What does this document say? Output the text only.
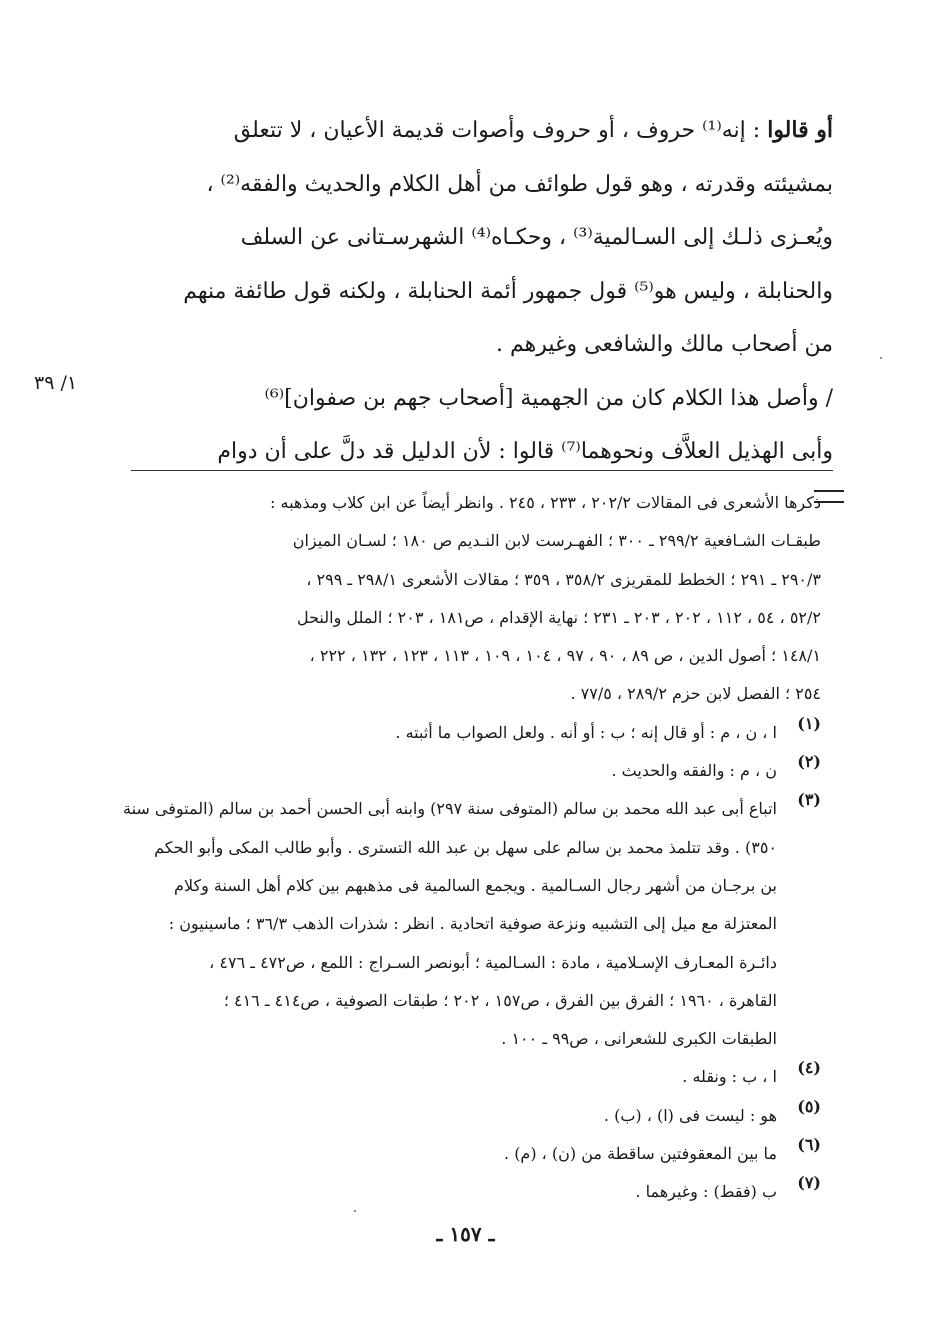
١/ ٣٩
أو قالوا : إنه⁽¹⁾ حروف ، أو حروف وأصوات قديمة الأعيان ، لا تتعلق
بمشيئته وقدرته ، وهو قول طوائف من أهل الكلام والحديث والفقه⁽²⁾ ،
ويُعـزى ذلـك إلى السـالمية⁽³⁾ ، وحكـاه⁽⁴⁾ الشهرسـتانى عن السلف
والحنابلة ، وليس هو⁽⁵⁾ قول جمهور أئمة الحنابلة ، ولكنه قول طائفة منهم
من أصحاب مالك والشافعى وغيرهم .
/ وأصل هذا الكلام كان من الجهمية [أصحاب جهم بن صفوان]⁽⁶⁾
وأبى الهذيل العلاَّف ونحوهما⁽⁷⁾ قالوا : لأن الدليل قد دلَّ على أن دوام
ذكرها الأشعرى فى المقالات ٢٠٢/٢ ، ٢٣٣ ، ٢٤٥ . وانظر أيضاً عن ابن كلاب ومذهبه :
طبقـات الشـافعية ٢٩٩/٢ ـ ٣٠٠ ؛ الفهـرست لابن النـديم ص ١٨٠ ؛ لسـان الميزان
٢٩٠/٣ ـ ٢٩١ ؛ الخطط للمقريزى ٣٥٨/٢ ، ٣٥٩ ؛ مقالات الأشعرى ٢٩٨/١ ـ ٢٩٩ ،
٥٢/٢ ، ٥٤ ، ١١٢ ، ٢٠٢ ، ٢٠٣ ـ ٢٣١ ؛ نهاية الإقدام ، ص١٨١ ، ٢٠٣ ؛ الملل والنحل
١٤٨/١ ؛ أصول الدين ، ص ٨٩ ، ٩٠ ، ٩٧ ، ١٠٤ ، ١٠٩ ، ١١٣ ، ١٢٣ ، ١٣٢ ، ٢٢٢ ،
٢٥٤ ؛ الفصل لابن حزم ٢٨٩/٢ ، ٧٧/٥ .
(١)
ا ، ن ، م : أو قال إنه ؛ ب : أو أنه . ولعل الصواب ما أثبته .
(٢)
ن ، م : والفقه والحديث .
(٣)
اتباع أبى عبد الله محمد بن سالم (المتوفى سنة ٢٩٧) وابنه أبى الحسن أحمد بن سالم (المتوفى سنة
٣٥٠) . وقد تتلمذ محمد بن سالم على سهل بن عبد الله التسترى . وأبو طالب المكى وأبو الحكم
بن برجـان من أشهر رجال السـالمية . ويجمع السالمية فى مذهبهم بين كلام أهل السنة وكلام
المعتزلة مع ميل إلى التشبيه ونزعة صوفية اتحادية . انظر : شذرات الذهب ٣٦/٣ ؛ ماسينيون :
دائـرة المعـارف الإسـلامية ، مادة : السـالمية ؛ أبونصر السـراج : اللمع ، ص٤٧٢ ـ ٤٧٦ ،
القاهرة ، ١٩٦٠ ؛ الفرق بين الفرق ، ص١٥٧ ، ٢٠٢ ؛ طبقات الصوفية ، ص٤١٤ ـ ٤١٦ ؛
الطبقات الكبرى للشعرانى ، ص٩٩ ـ ١٠٠ .
(٤)
ا ، ب : ونقله .
(٥)
هو : ليست فى (ا) ، (ب) .
(٦)
ما بين المعقوفتين ساقطة من (ن) ، (م) .
(٧)
ب (فقط) : وغيرهما .
ـ ١٥٧ ـ
